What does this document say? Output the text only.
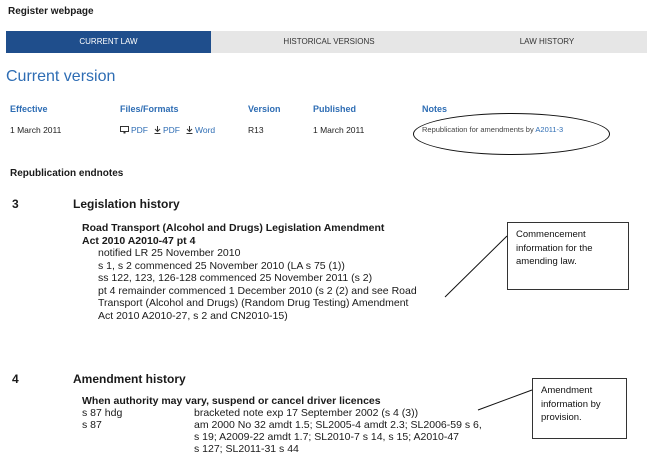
Register webpage
CURRENT LAW	HISTORICAL VERSIONS	LAW HISTORY
Current version
Effective	Files/Formats	Version	Published	Notes
1 March 2011	PDF PDF Word	R13	1 March 2011	Republication for amendments by A2011-3
Republication endnotes
3	Legislation history
Road Transport (Alcohol and Drugs) Legislation Amendment
Act 2010 A2010-47 pt 4
notified LR 25 November 2010
s 1, s 2 commenced 25 November 2010 (LA s 75 (1))
ss 122, 123, 126-128 commenced 25 November 2011 (s 2)
pt 4 remainder commenced 1 December 2010 (s 2 (2) and see Road
Transport (Alcohol and Drugs) (Random Drug Testing) Amendment
Act 2010 A2010-27, s 2 and CN2010-15)
Commencement
information for the
amending law.
4	Amendment history
When authority may vary, suspend or cancel driver licences
s 87 hdg	bracketed note exp 17 September 2002 (s 4 (3))
s 87	am 2000 No 32 amdt 1.5; SL2005-4 amdt 2.3; SL2006-59 s 6,
s 19; A2009-22 amdt 1.7; SL2010-7 s 14, s 15; A2010-47
s 127; SL2011-31 s 44
Amendment
information by
provision.
